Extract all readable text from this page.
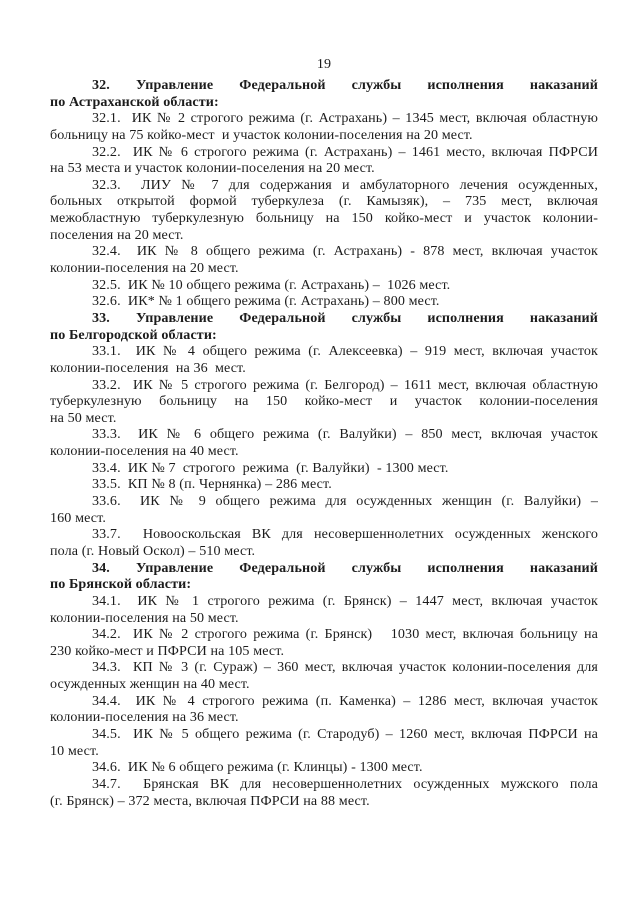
19

32. Управление Федеральной службы исполнения наказаний
по Астраханской области:

32.1.  ИК № 2 строгого режима (г. Астрахань) – 1345 мест, включая областную
больницу на 75 койко-мест  и участок колонии-поселения на 20 мест.

32.2.  ИК № 6 строгого режима (г. Астрахань) – 1461 место, включая ПФРСИ
на 53 места и участок колонии-поселения на 20 мест.

32.3.  ЛИУ № 7 для содержания и амбулаторного лечения осужденных,
больных открытой формой туберкулеза (г. Камызяк), – 735 мест, включая
межобластную туберкулезную больницу на 150 койко-мест и участок колонии-
поселения на 20 мест.

32.4.  ИК № 8 общего режима (г. Астрахань) - 878 мест, включая участок
колонии-поселения на 20 мест.

32.5.  ИК № 10 общего режима (г. Астрахань) –  1026 мест.

32.6.  ИК* № 1 общего режима (г. Астрахань) – 800 мест.

33. Управление Федеральной службы исполнения наказаний
по Белгородской области:

33.1.  ИК № 4 общего режима (г. Алексеевка) – 919 мест, включая участок
колонии-поселения  на 36  мест.

33.2.  ИК № 5 строгого режима (г. Белгород) – 1611 мест, включая областную
туберкулезную больницу на 150 койко-мест и участок колонии-поселения
на 50 мест.

33.3.  ИК № 6 общего режима (г. Валуйки) – 850 мест, включая участок
колонии-поселения на 40 мест.

33.4.  ИК № 7  строгого  режима  (г. Валуйки)  - 1300 мест.

33.5.  КП № 8 (п. Чернянка) – 286 мест.

33.6.  ИК № 9 общего режима для осужденных женщин (г. Валуйки) –
160 мест.

33.7.  Новооскольская ВК для несовершеннолетних осужденных женского
пола (г. Новый Оскол) – 510 мест.

34. Управление Федеральной службы исполнения наказаний
по Брянской области:

34.1.  ИК № 1 строгого режима (г. Брянск) – 1447 мест, включая участок
колонии-поселения на 50 мест.

34.2.  ИК № 2 строгого режима (г. Брянск)   1030 мест, включая больницу на
230 койко-мест и ПФРСИ на 105 мест.

34.3.  КП № 3 (г. Сураж) – 360 мест, включая участок колонии-поселения для
осужденных женщин на 40 мест.

34.4.  ИК № 4 строгого режима (п. Каменка) – 1286 мест, включая участок
колонии-поселения на 36 мест.

34.5.  ИК № 5 общего режима (г. Стародуб) – 1260 мест, включая ПФРСИ на
10 мест.

34.6.  ИК № 6 общего режима (г. Клинцы) - 1300 мест.

34.7.  Брянская ВК для несовершеннолетних осужденных мужского пола
(г. Брянск) – 372 места, включая ПФРСИ на 88 мест.
